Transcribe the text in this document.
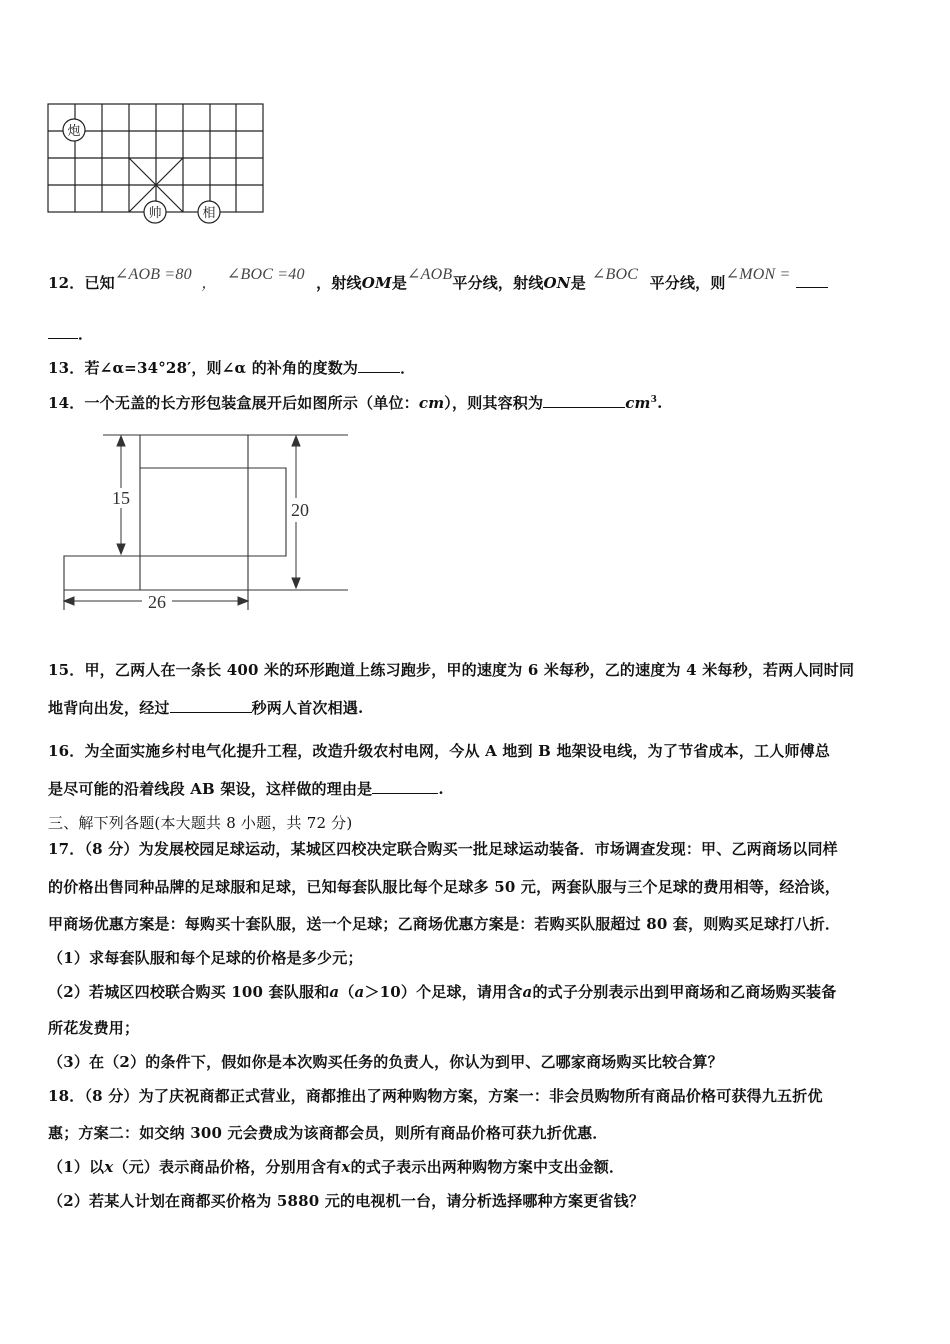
炮
帅	相
12．已知∠AOB =80 ， ∠BOC =40 ，射线OM是∠AOB平分线，射线ON是 ∠BOC 平分线，则∠MON =
．
13．若∠α=34°28′，则∠α 的补角的度数为	．
14．一个无盖的长方形包装盒展开后如图所示（单位：cm），则其容积为	$cm^3$.
15
20
26
15．甲，乙两人在一条长 400 米的环形跑道上练习跑步，甲的速度为 6 米每秒，乙的速度为 4 米每秒，若两人同时同
地背向出发，经过	秒两人首次相遇.
16．为全面实施乡村电气化提升工程，改造升级农村电网，今从 A 地到 B 地架设电线，为了节省成本，工人师傅总
是尽可能的沿着线段 AB 架设，这样做的理由是	.
三、解下列各题(本大题共 8 小题，共 72 分)
17．（8 分）为发展校园足球运动，某城区四校决定联合购买一批足球运动装备．市场调查发现：甲、乙两商场以同样
的价格出售同种品牌的足球服和足球，已知每套队服比每个足球多 50 元，两套队服与三个足球的费用相等，经洽谈，
甲商场优惠方案是：每购买十套队服，送一个足球；乙商场优惠方案是：若购买队服超过 80 套，则购买足球打八折．
（1）求每套队服和每个足球的价格是多少元；
（2）若城区四校联合购买 100 套队服和a（a＞10）个足球，请用含a的式子分别表示出到甲商场和乙商场购买装备
所花发费用；
（3）在（2）的条件下，假如你是本次购买任务的负责人，你认为到甲、乙哪家商场购买比较合算？
18．（8 分）为了庆祝商都正式营业，商都推出了两种购物方案，方案一：非会员购物所有商品价格可获得九五折优
惠；方案二：如交纳 300 元会费成为该商都会员，则所有商品价格可获九折优惠．
（1）以x（元）表示商品价格，分别用含有x的式子表示出两种购物方案中支出金额．
（2）若某人计划在商都买价格为 5880 元的电视机一台，请分析选择哪种方案更省钱？
